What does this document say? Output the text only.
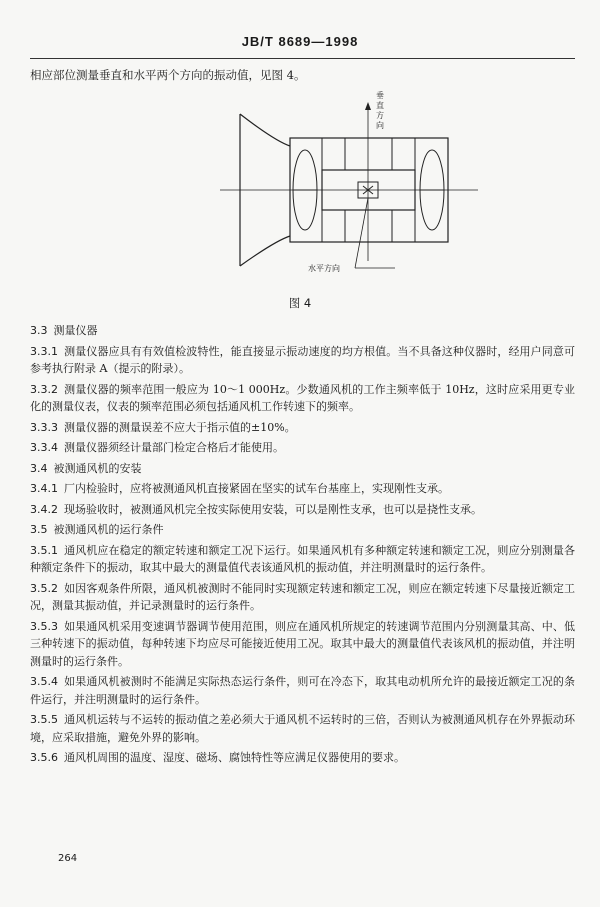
JB/T 8689—1998
相应部位测量垂直和水平两个方向的振动值，见图 4。
垂
直
方
向
水平方向
图 4

3.3 测量仪器

3.3.1 测量仪器应具有有效值检波特性，能直接显示振动速度的均方根值。当不具备这种仪器时，经用户同意可参考执行附录 A（提示的附录）。

3.3.2 测量仪器的频率范围一般应为 10～1 000Hz。少数通风机的工作主频率低于 10Hz，这时应采用更专业化的测量仪表，仪表的频率范围必须包括通风机工作转速下的频率。

3.3.3 测量仪器的测量误差不应大于指示值的±10%。

3.3.4 测量仪器须经计量部门检定合格后才能使用。

3.4 被测通风机的安装

3.4.1 厂内检验时，应将被测通风机直接紧固在坚实的试车台基座上，实现刚性支承。

3.4.2 现场验收时，被测通风机完全按实际使用安装，可以是刚性支承，也可以是挠性支承。

3.5 被测通风机的运行条件

3.5.1 通风机应在稳定的额定转速和额定工况下运行。如果通风机有多种额定转速和额定工况，则应分别测量各种额定条件下的振动，取其中最大的测量值代表该通风机的振动值，并注明测量时的运行条件。

3.5.2 如因客观条件所限，通风机被测时不能同时实现额定转速和额定工况，则应在额定转速下尽量接近额定工况，测量其振动值，并记录测量时的运行条件。

3.5.3 如果通风机采用变速调节器调节使用范围，则应在通风机所规定的转速调节范围内分别测量其高、中、低三种转速下的振动值，每种转速下均应尽可能接近使用工况。取其中最大的测量值代表该风机的振动值，并注明测量时的运行条件。

3.5.4 如果通风机被测时不能满足实际热态运行条件，则可在冷态下，取其电动机所允许的最接近额定工况的条件运行，并注明测量时的运行条件。

3.5.5 通风机运转与不运转的振动值之差必须大于通风机不运转时的三倍，否则认为被测通风机存在外界振动环境，应采取措施，避免外界的影响。

3.5.6 通风机周围的温度、湿度、磁场、腐蚀特性等应满足仪器使用的要求。

264
